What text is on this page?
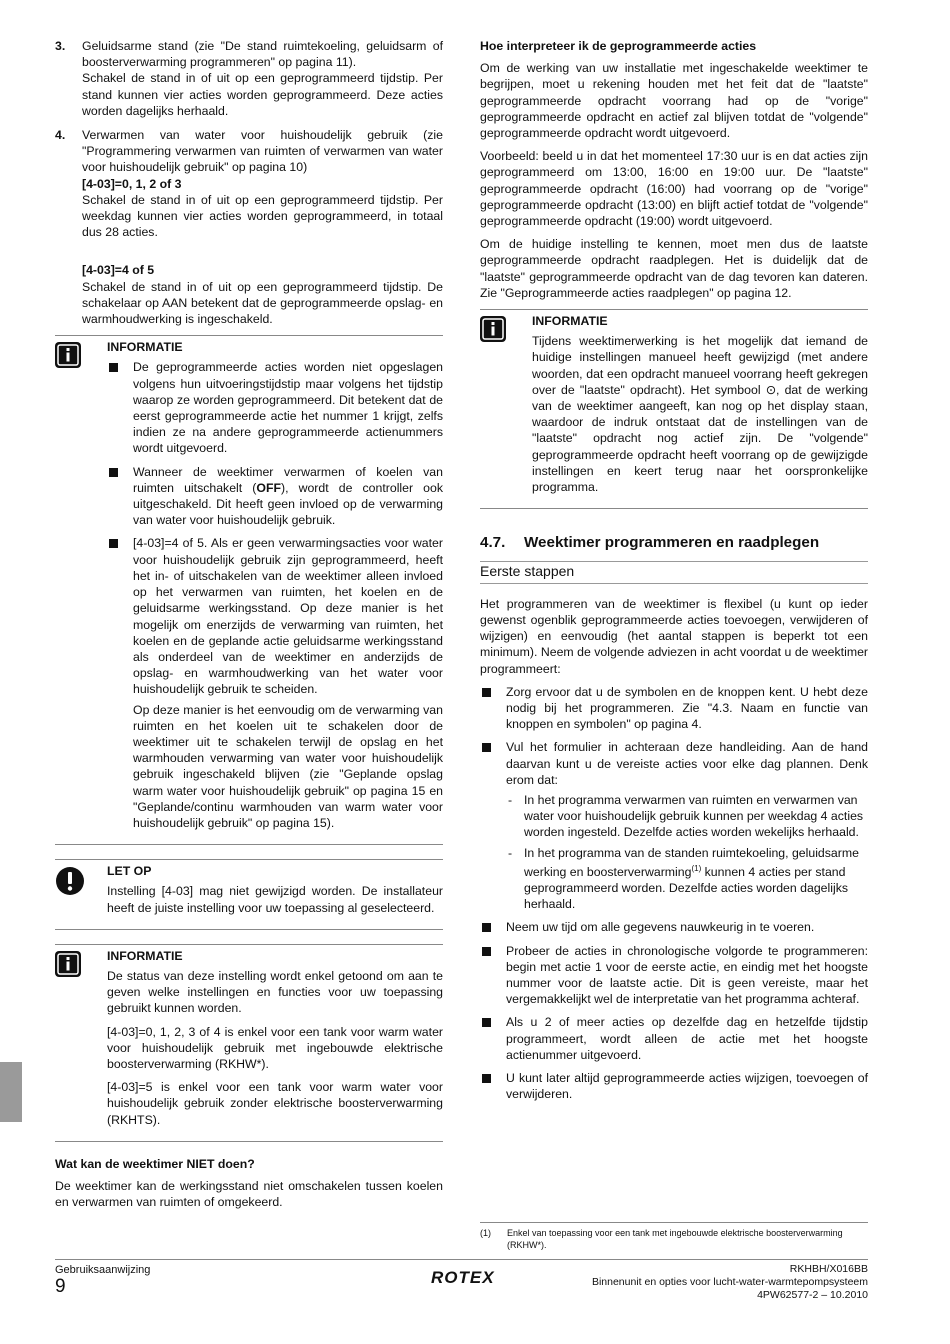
3. Geluidsarme stand (zie "De stand ruimtekoeling, geluidsarm of boosterverwarming programmeren" op pagina 11).

Schakel de stand in of uit op een geprogrammeerd tijdstip. Per stand kunnen vier acties worden geprogrammeerd. Deze acties worden dagelijks herhaald.

4. Verwarmen van water voor huishoudelijk gebruik (zie "Programmering verwarmen van ruimten of verwarmen van water voor huishoudelijk gebruik" op pagina 10)

[4-03]=0, 1, 2 of 3

Schakel de stand in of uit op een geprogrammeerd tijdstip. Per weekdag kunnen vier acties worden geprogrammeerd, in totaal dus 28 acties.

[4-03]=4 of 5

Schakel de stand in of uit op een geprogrammeerd tijdstip. De schakelaar op AAN betekent dat de geprogrammeerde opslag- en warmhoudwerking is ingeschakeld.

INFORMATIE

De geprogrammeerde acties worden niet opgeslagen volgens hun uitvoeringstijdstip maar volgens het tijdstip waarop ze worden geprogrammeerd. Dit betekent dat de eerst geprogrammeerde actie het nummer 1 krijgt, zelfs indien ze na andere geprogrammeerde actienummers wordt uitgevoerd.

Wanneer de weektimer verwarmen of koelen van ruimten uitschakelt (OFF), wordt de controller ook uitgeschakeld. Dit heeft geen invloed op de verwarming van water voor huishoudelijk gebruik.

[4-03]=4 of 5. Als er geen verwarmingsacties voor water voor huishoudelijk gebruik zijn geprogrammeerd, heeft het in- of uitschakelen van de weektimer alleen invloed op het verwarmen van ruimten, het koelen en de geluidsarme werkingsstand. Op deze manier is het mogelijk om enerzijds de verwarming van ruimten, het koelen en de geplande actie geluidsarme werkingsstand als onderdeel van de weektimer en anderzijds de opslag- en warmhoudwerking van het water voor huishoudelijk gebruik te scheiden.

Op deze manier is het eenvoudig om de verwarming van ruimten en het koelen uit te schakelen door de weektimer uit te schakelen terwijl de opslag en het warmhouden verwarming van water voor huishoudelijk gebruik ingeschakeld blijven (zie "Geplande opslag warm water voor huishoudelijk gebruik" op pagina 15 en "Geplande/continu warmhouden van warm water voor huishoudelijk gebruik" op pagina 15).

LET OP

Instelling [4-03] mag niet gewijzigd worden. De installateur heeft de juiste instelling voor uw toepassing al geselecteerd.

INFORMATIE

De status van deze instelling wordt enkel getoond om aan te geven welke instellingen en functies voor uw toepassing gebruikt kunnen worden.

[4-03]=0, 1, 2, 3 of 4 is enkel voor een tank voor warm water voor huishoudelijk gebruik met ingebouwde elektrische boosterverwarming (RKHW*).

[4-03]=5 is enkel voor een tank voor warm water voor huishoudelijk gebruik zonder elektrische boosterverwarming (RKHTS).

Wat kan de weektimer NIET doen?

De weektimer kan de werkingsstand niet omschakelen tussen koelen en verwarmen van ruimten of omgekeerd.

Hoe interpreteer ik de geprogrammeerde acties

Om de werking van uw installatie met ingeschakelde weektimer te begrijpen, moet u rekening houden met het feit dat de "laatste" geprogrammeerde opdracht voorrang had op de "vorige" geprogrammeerde opdracht en actief zal blijven totdat de "volgende" geprogrammeerde opdracht wordt uitgevoerd.

Voorbeeld: beeld u in dat het momenteel 17:30 uur is en dat acties zijn geprogrammeerd om 13:00, 16:00 en 19:00 uur. De "laatste" geprogrammeerde opdracht (16:00) had voorrang op de "vorige" geprogrammeerde opdracht (13:00) en blijft actief totdat de "volgende" geprogrammeerde opdracht (19:00) wordt uitgevoerd.

Om de huidige instelling te kennen, moet men dus de laatste geprogrammeerde opdracht raadplegen. Het is duidelijk dat de "laatste" geprogrammeerde opdracht van de dag tevoren kan dateren. Zie "Geprogrammeerde acties raadplegen" op pagina 12.

INFORMATIE

Tijdens weektimerwerking is het mogelijk dat iemand de huidige instellingen manueel heeft gewijzigd (met andere woorden, dat een opdracht manueel voorrang heeft gekregen over de "laatste" opdracht). Het symbool ⊙, dat de werking van de weektimer aangeeft, kan nog op het display staan, waardoor de indruk ontstaat dat de instellingen van de "laatste" opdracht nog actief zijn. De "volgende" geprogrammeerde opdracht heeft voorrang op de gewijzigde instellingen en keert terug naar het oorspronkelijke programma.

4.7. Weektimer programmeren en raadplegen
Eerste stappen

Het programmeren van de weektimer is flexibel (u kunt op ieder gewenst ogenblik geprogrammeerde acties toevoegen, verwijderen of wijzigen) en eenvoudig (het aantal stappen is beperkt tot een minimum). Neem de volgende adviezen in acht voordat u de weektimer programmeert:

Zorg ervoor dat u de symbolen en de knoppen kent. U hebt deze nodig bij het programmeren. Zie "4.3. Naam en functie van knoppen en symbolen" op pagina 4.

Vul het formulier in achteraan deze handleiding. Aan de hand daarvan kunt u de vereiste acties voor elke dag plannen. Denk erom dat:

- In het programma verwarmen van ruimten en verwarmen van water voor huishoudelijk gebruik kunnen per weekdag 4 acties worden ingesteld. Dezelfde acties worden wekelijks herhaald.
- In het programma van de standen ruimtekoeling, geluidsarme werking en boosterverwarming$^{(1)}$ kunnen 4 acties per stand geprogrammeerd worden. Dezelfde acties worden dagelijks herhaald.

Neem uw tijd om alle gegevens nauwkeurig in te voeren.

Probeer de acties in chronologische volgorde te programmeren: begin met actie 1 voor de eerste actie, en eindig met het hoogste nummer voor de laatste actie. Dit is geen vereiste, maar het vergemakkelijkt wel de interpretatie van het programma achteraf.

Als u 2 of meer acties op dezelfde dag en hetzelfde tijdstip programmeert, wordt alleen de actie met het hoogste actienummer uitgevoerd.

U kunt later altijd geprogrammeerde acties wijzigen, toevoegen of verwijderen.

(1) Enkel van toepassing voor een tank met ingebouwde elektrische boosterverwarming (RKHW*).
Gebruiksaanwijzing
9	ROTEX	RKHBH/X016BB
Binnenunit en opties voor lucht-water-warmtepompsysteem
4PW62577-2 – 10.2010
